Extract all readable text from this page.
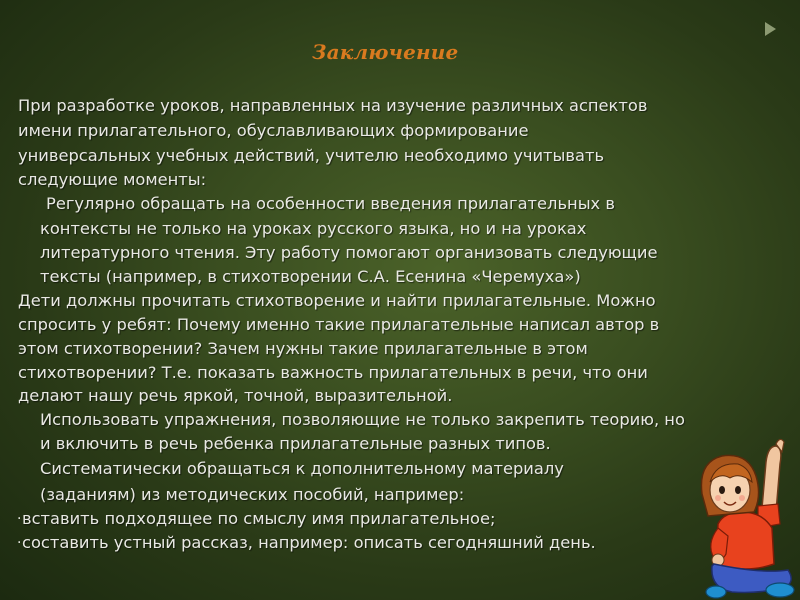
Заключение
При разработке уроков, направленных на изучение различных аспектов
имени прилагательного, обуславливающих формирование
универсальных учебных действий, учителю необходимо учитывать
следующие моменты:
Регулярно обращать на особенности введения прилагательных в
контексты не только на уроках русского языка, но и на уроках
литературного чтения. Эту работу помогают организовать следующие
тексты (например, в стихотворении С.А. Есенина «Черемуха»)
Дети должны прочитать стихотворение и найти прилагательные. Можно
спросить у ребят: Почему именно такие прилагательные написал автор в
этом стихотворении? Зачем нужны такие прилагательные в этом
стихотворении? Т.е. показать важность прилагательных в речи, что они
делают нашу речь яркой, точной, выразительной.
Использовать упражнения, позволяющие не только закрепить теорию, но
и включить в речь ребенка прилагательные разных типов.
Систематически обращаться к дополнительному материалу
(заданиям) из методических пособий, например:
вставить подходящее по смыслу имя прилагательное;
составить устный рассказ, например: описать сегодняшний день.
·
·
